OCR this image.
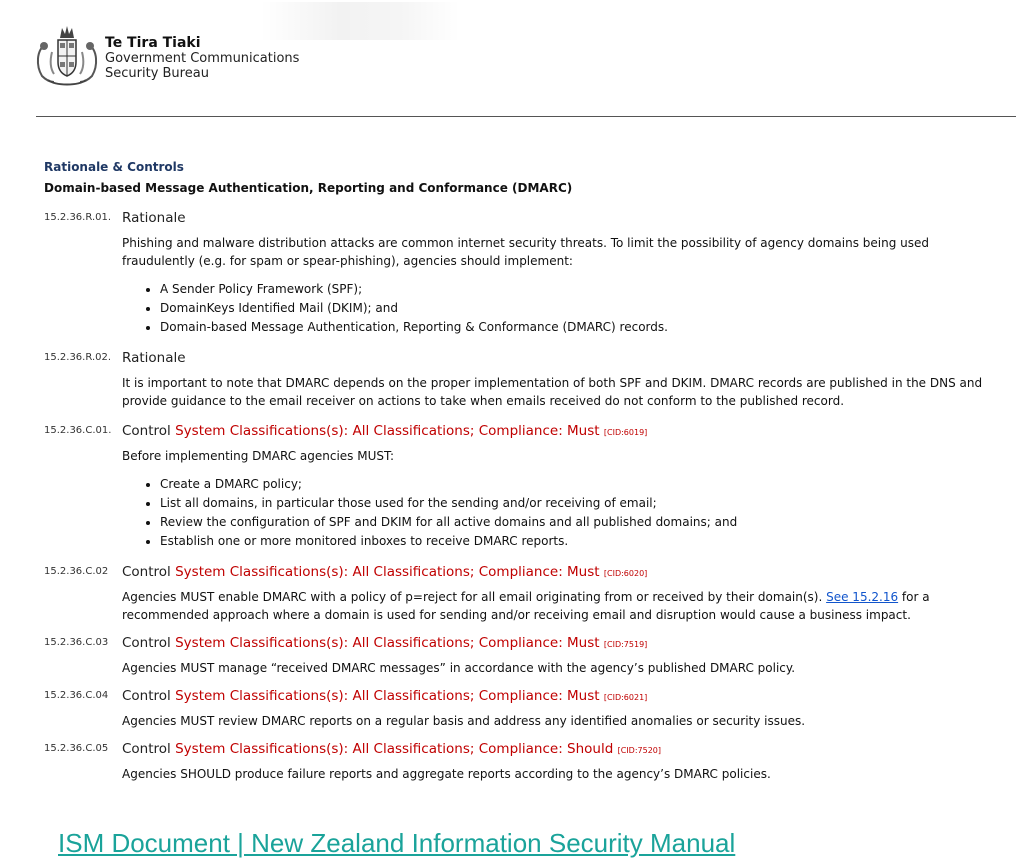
Te Tira Tiaki
Government Communications
Security Bureau
Rationale & Controls
Domain-based Message Authentication, Reporting and Conformance (DMARC)
15.2.36.R.01. Rationale
Phishing and malware distribution attacks are common internet security threats. To limit the possibility of agency domains being used fraudulently (e.g. for spam or spear-phishing), agencies should implement:
• A Sender Policy Framework (SPF);
• DomainKeys Identified Mail (DKIM); and
• Domain-based Message Authentication, Reporting & Conformance (DMARC) records.
15.2.36.R.02. Rationale
It is important to note that DMARC depends on the proper implementation of both SPF and DKIM. DMARC records are published in the DNS and provide guidance to the email receiver on actions to take when emails received do not conform to the published record.
15.2.36.C.01. Control System Classifications(s): All Classifications; Compliance: Must [CID:6019]
Before implementing DMARC agencies MUST:
• Create a DMARC policy;
• List all domains, in particular those used for the sending and/or receiving of email;
• Review the configuration of SPF and DKIM for all active domains and all published domains; and
• Establish one or more monitored inboxes to receive DMARC reports.
15.2.36.C.02 Control System Classifications(s): All Classifications; Compliance: Must [CID:6020]
Agencies MUST enable DMARC with a policy of p=reject for all email originating from or received by their domain(s). See 15.2.16 for a recommended approach where a domain is used for sending and/or receiving email and disruption would cause a business impact.
15.2.36.C.03 Control System Classifications(s): All Classifications; Compliance: Must [CID:7519]
Agencies MUST manage “received DMARC messages” in accordance with the agency’s published DMARC policy.
15.2.36.C.04 Control System Classifications(s): All Classifications; Compliance: Must [CID:6021]
Agencies MUST review DMARC reports on a regular basis and address any identified anomalies or security issues.
15.2.36.C.05 Control System Classifications(s): All Classifications; Compliance: Should [CID:7520]
Agencies SHOULD produce failure reports and aggregate reports according to the agency’s DMARC policies.
ISM Document | New Zealand Information Security Manual
